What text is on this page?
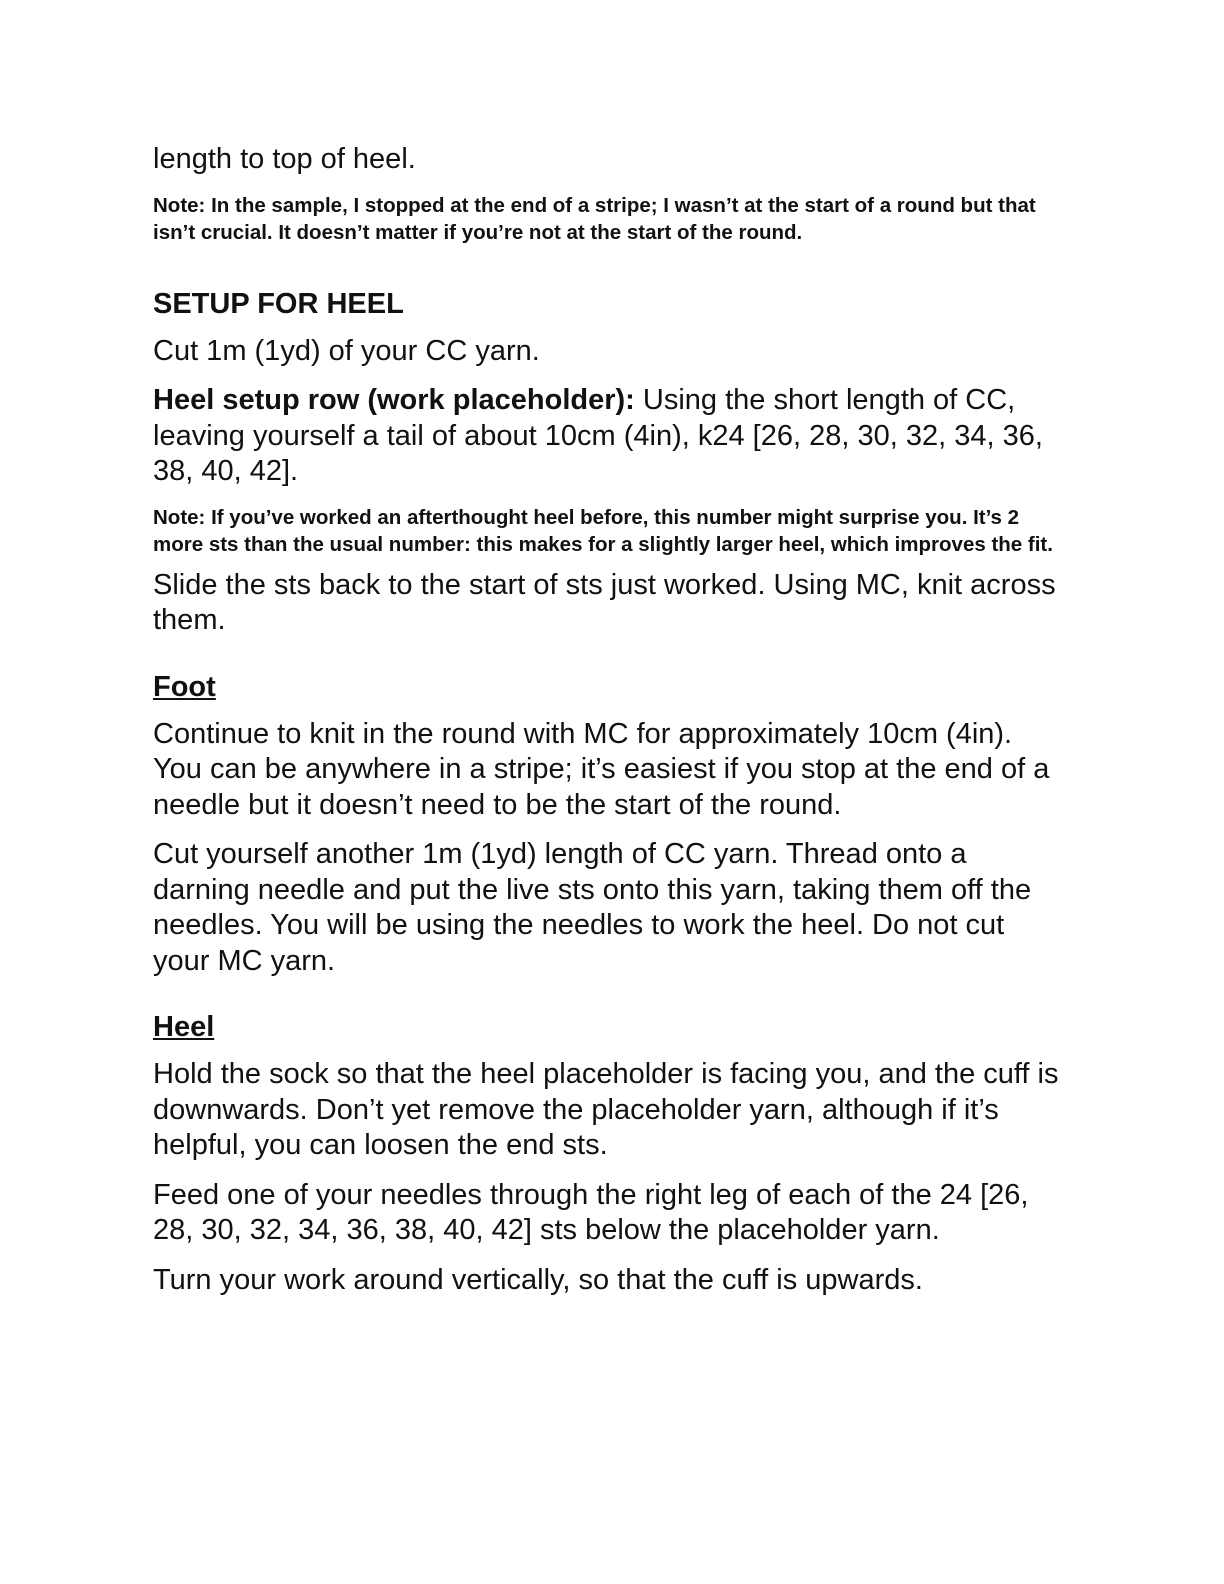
length to top of heel.

Note: In the sample, I stopped at the end of a stripe; I wasn’t at the start of a round but that isn’t crucial. It doesn’t matter if you’re not at the start of the round.

SETUP FOR HEEL

Cut 1m (1yd) of your CC yarn.

Heel setup row (work placeholder): Using the short length of CC, leaving yourself a tail of about 10cm (4in), k24 [26, 28, 30, 32, 34, 36, 38, 40, 42].

Note: If you’ve worked an afterthought heel before, this number might surprise you. It’s 2 more sts than the usual number: this makes for a slightly larger heel, which improves the fit.

Slide the sts back to the start of sts just worked. Using MC, knit across them.

Foot

Continue to knit in the round with MC for approximately 10cm (4in). You can be anywhere in a stripe; it’s easiest if you stop at the end of a needle but it doesn’t need to be the start of the round.

Cut yourself another 1m (1yd) length of CC yarn. Thread onto a darning needle and put the live sts onto this yarn, taking them off the needles. You will be using the needles to work the heel. Do not cut your MC yarn.

Heel

Hold the sock so that the heel placeholder is facing you, and the cuff is downwards. Don’t yet remove the placeholder yarn, although if it’s helpful, you can loosen the end sts.

Feed one of your needles through the right leg of each of the 24 [26, 28, 30, 32, 34, 36, 38, 40, 42] sts below the placeholder yarn.

Turn your work around vertically, so that the cuff is upwards.
